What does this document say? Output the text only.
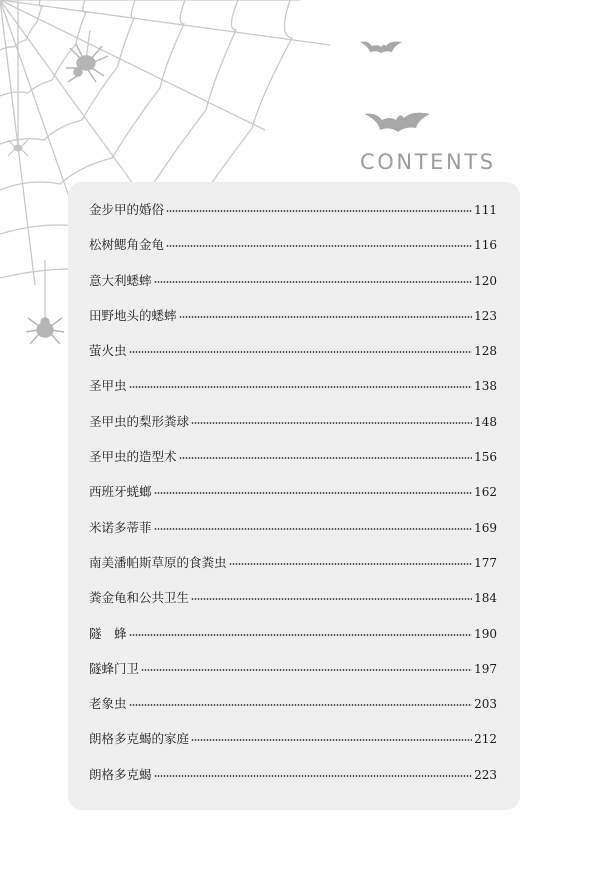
CONTENTS
金步甲的婚俗	111
松树鳃角金龟	116
意大利蟋蟀	120
田野地头的蟋蟀	123
萤火虫	128
圣甲虫	138
圣甲虫的梨形粪球	148
圣甲虫的造型术	156
西班牙蜣螂	162
米诺多蒂菲	169
南美潘帕斯草原的食粪虫	177
粪金龟和公共卫生	184
隧　蜂	190
隧蜂门卫	197
老象虫	203
朗格多克蝎的家庭	212
朗格多克蝎	223
